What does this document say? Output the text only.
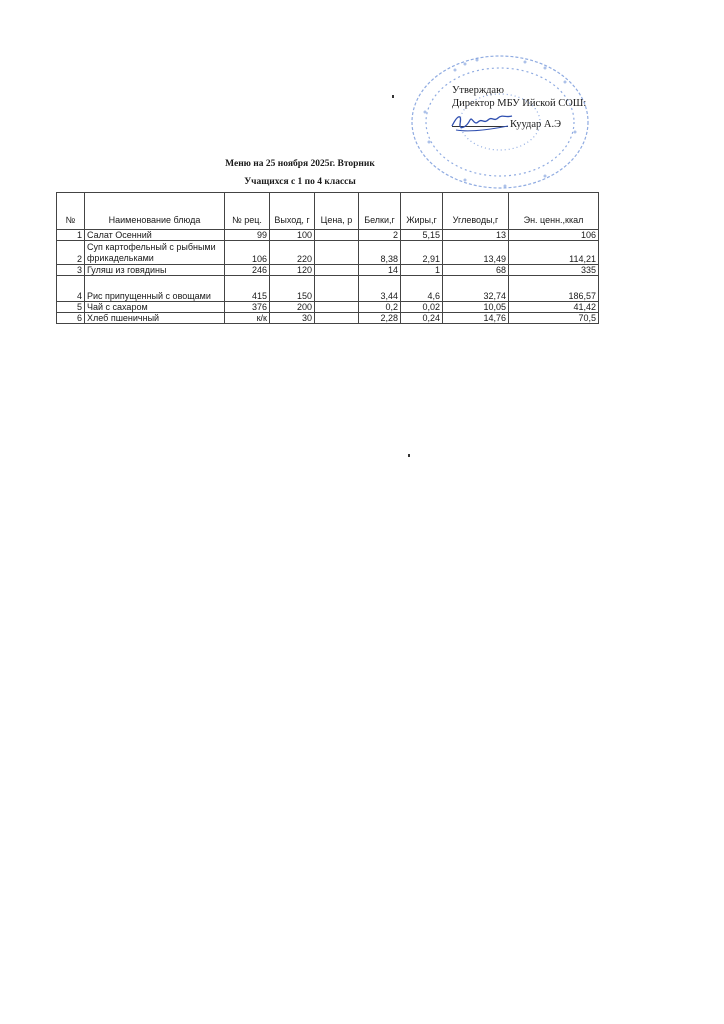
Утверждаю
Директор МБУ Ийской СОШ:
Куудар А.Э
Меню на 25 ноября 2025г. Вторник
Учащихся с 1 по 4 классы
№	Наименование блюда	№ рец.	Выход, г	Цена, р	Белки,г	Жиры,г	Углеводы,г	Эн. ценн.,ккал
1	Салат Осенний	99	100		2	5,15	13	106
2	Суп картофельный с рыбными фрикадельками	106	220		8,38	2,91	13,49	114,21
3	Гуляш из говядины	246	120		14	1	68	335
4	Рис припущенный с овощами	415	150		3,44	4,6	32,74	186,57
5	Чай с сахаром	376	200		0,2	0,02	10,05	41,42
6	Хлеб пшеничный	к/к	30		2,28	0,24	14,76	70,5
